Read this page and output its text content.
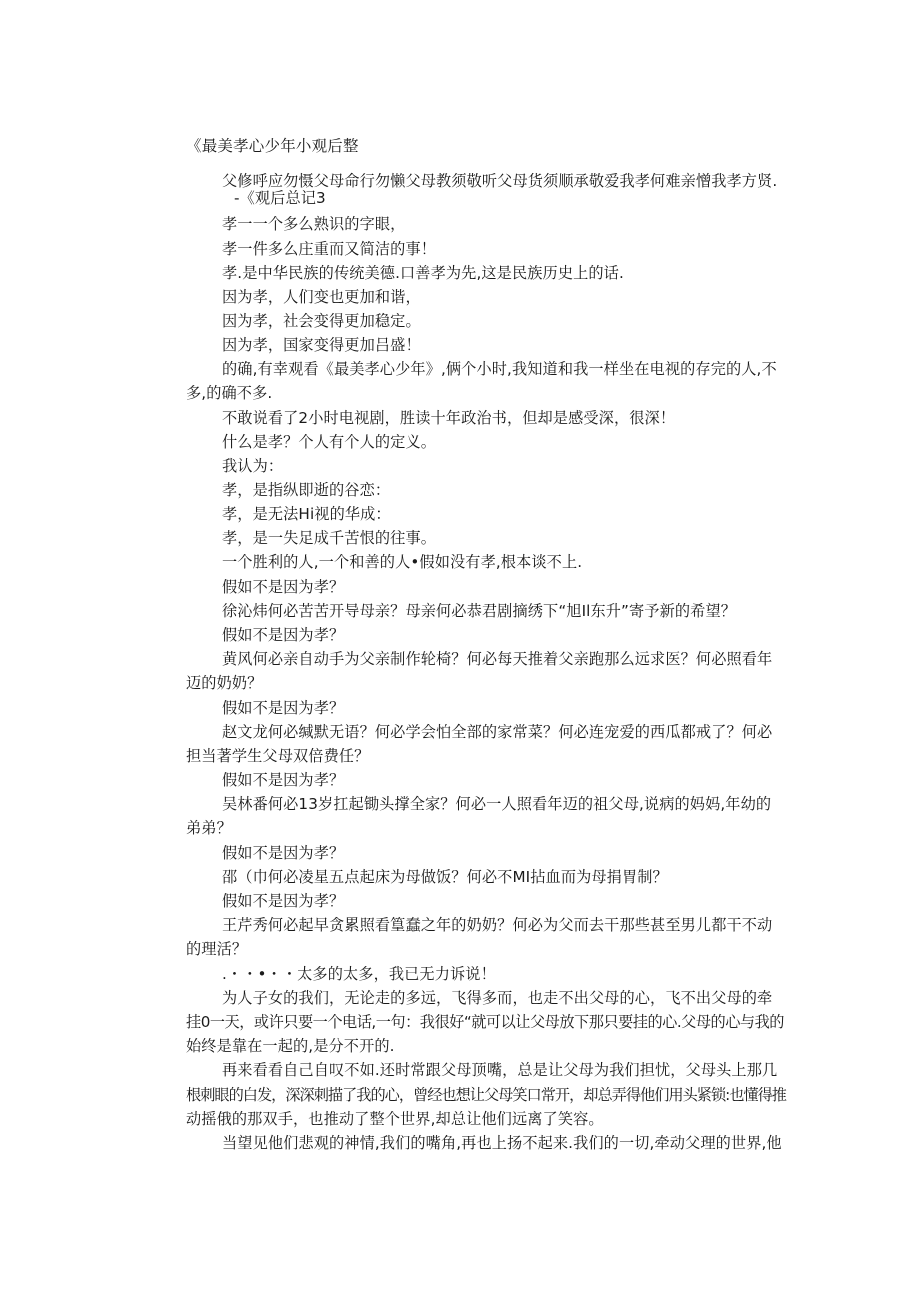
《最美孝心少年小观后整
父修呼应勿慑父母命行勿懒父母教须敬听父母货须顺承敬爱我孝何难亲憎我孝方贤.
-《观后总记3
孝一一个多么熟识的字眼，
孝一件多么庄重而又简洁的事！
孝.是中华民族的传统美德.口善孝为先,这是民族历史上的话.
因为孝，人们变也更加和谐，
因为孝，社会变得更加稳定。
因为孝，国家变得更加吕盛！
的确,有幸观看《最美孝心少年》,俩个小时,我知道和我一样坐在电视的存完的人,不
多,的确不多.
不敢说看了2小时电视剧，胜读十年政治书，但却是感受深，很深！
什么是孝？个人有个人的定义。
我认为：
孝，是指纵即逝的谷恋：
孝，是无法Hi视的华成：
孝，是一失足成千苦恨的往事。
一个胜利的人,一个和善的人•假如没有孝,根本谈不上.
假如不是因为孝？
徐沁炜何必苦苦开导母亲？母亲何必恭君剧摘绣下“旭Il东升”寄予新的希望？
假如不是因为孝？
黄风何必亲自动手为父亲制作轮椅？何必每天推着父亲跑那么远求医？何必照看年
迈的奶奶？
假如不是因为孝？
赵文龙何必缄默无语？何必学会怕全部的家常菜？何必连宠爱的西瓜都戒了？何必
担当著学生父母双倍费任？
假如不是因为孝？
吴林番何必13岁扛起锄头撑全家？何必一人照看年迈的祖父母,说病的妈妈,年幼的
弟弟？
假如不是因为孝？
邵（巾何必凌星五点起床为母做饭？何必不MI拈血而为母捐胃制？
假如不是因为孝？
王芹秀何必起早贪累照看篁蠢之年的奶奶？何必为父而去干那些甚至男儿都干不动
的理活？
.・・•・・太多的太多，我已无力诉说！
为人子女的我们，无论走的多远，飞得多而，也走不出父母的心，飞不出父母的牵
挂0一天，或许只要一个电话,一句：我很好“就可以让父母放下那只要挂的心.父母的心与我的
始终是靠在一起的,是分不开的.
再来看看自己自叹不如.还时常跟父母顶嘴，总是让父母为我们担忧，父母头上那几
根刺眼的白发，深深刺描了我的心，曾经也想让父母笑口常开，却总弄得他们用头紧锁:也懂得推
动摇俄的那双手，也推动了整个世界,却总让他们远离了笑容。
当望见他们悲观的神情,我们的嘴角,再也上扬不起来.我们的一切,牵动父理的世界,他
